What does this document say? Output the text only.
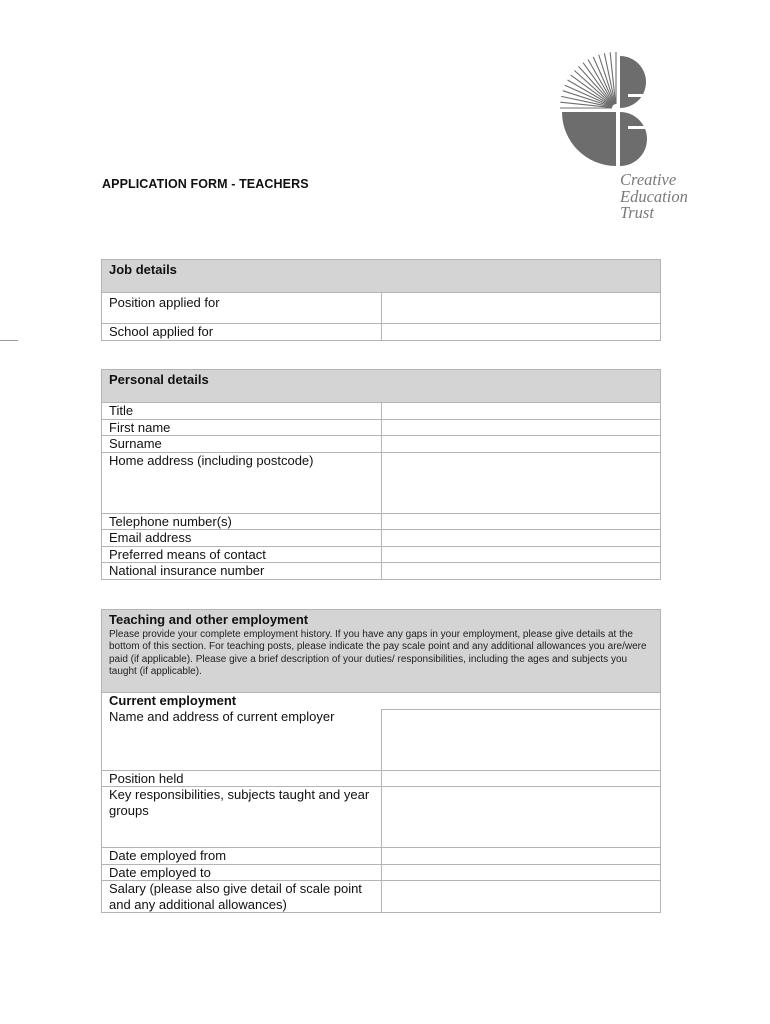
APPLICATION FORM - TEACHERS	Creative
Education
Trust
Job details	
Position applied for	
School applied for	
Personal details	
Title	
First name	
Surname	
Home address (including postcode)	
Telephone number(s)	
Email address	
Preferred means of contact	
National insurance number	
Teaching and other employment
Please provide your complete employment history. If you have any gaps in your employment, please give details at the bottom of this section. For teaching posts, please indicate the pay scale point and any additional allowances you are/were paid (if applicable). Please give a brief description of your duties/ responsibilities, including the ages and subjects you taught (if applicable).	

Current employment	
Name and address of current employer	
Position held	
Key responsibilities, subjects taught and year groups	
Date employed from	
Date employed to	
Salary (please also give detail of scale point and any additional allowances)	
